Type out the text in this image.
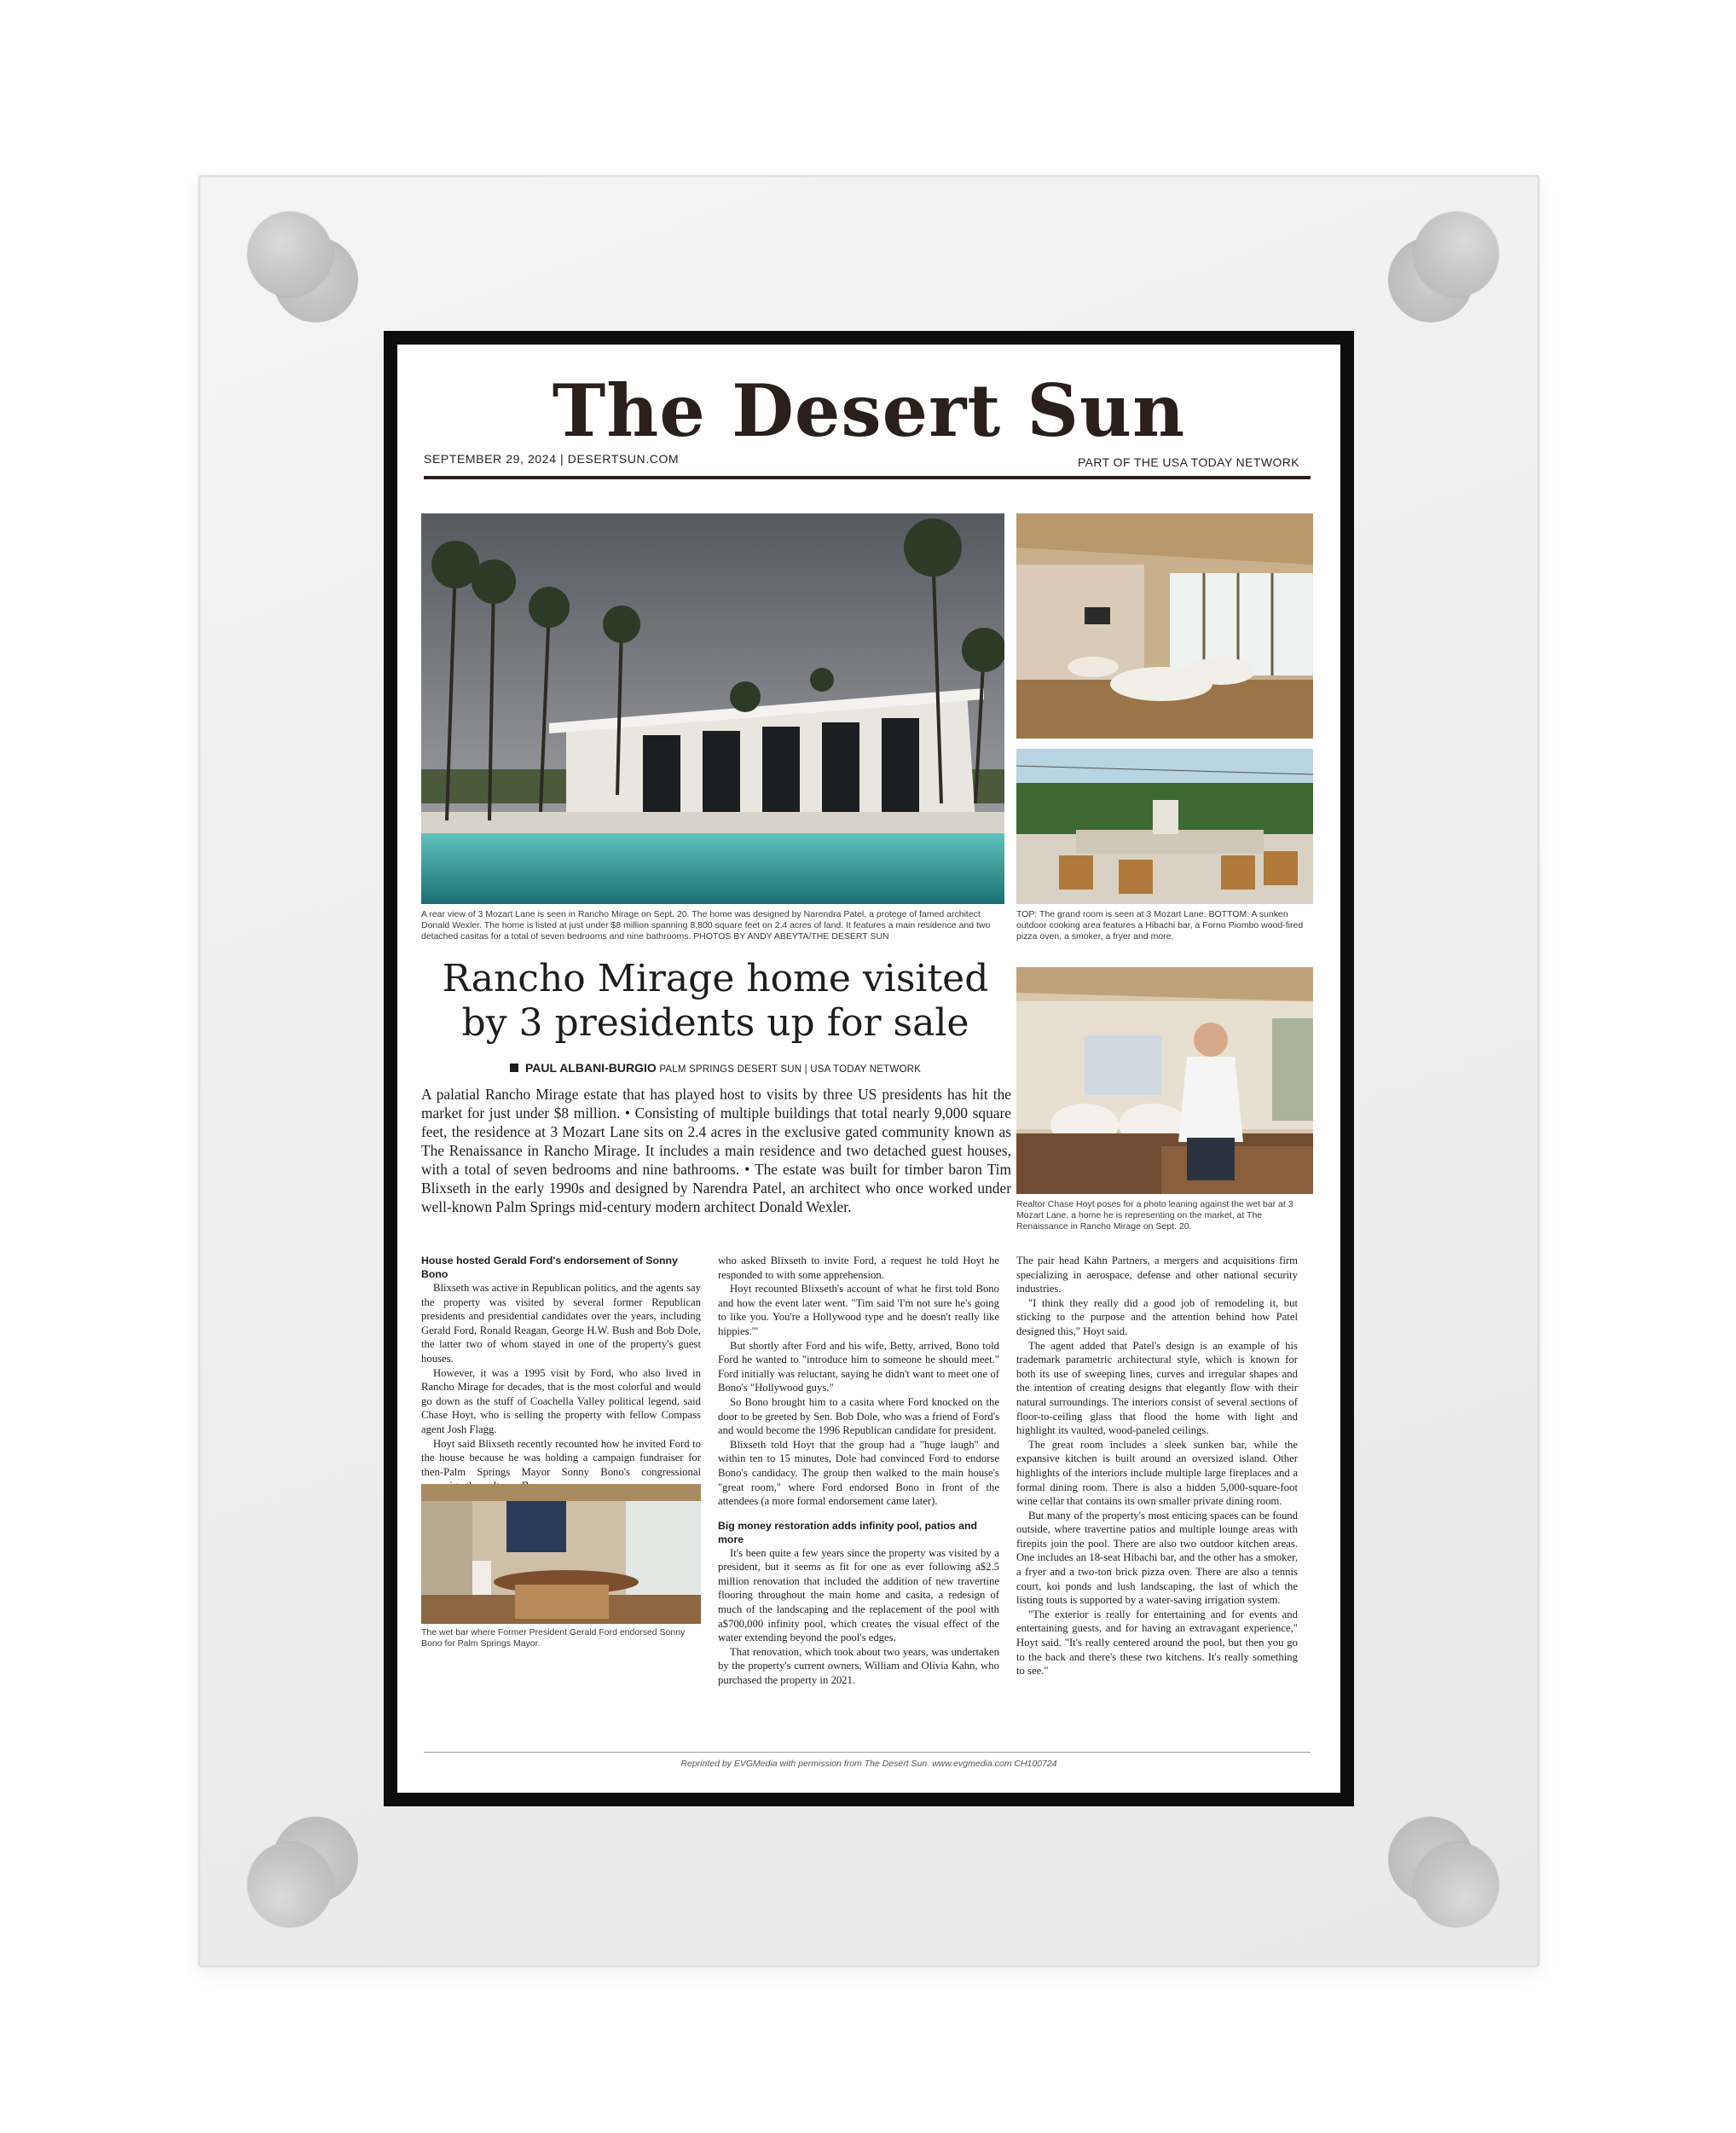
The Desert Sun
SEPTEMBER 29, 2024 | DESERTSUN.COM	PART OF THE USA TODAY NETWORK
A rear view of 3 Mozart Lane is seen in Rancho Mirage on Sept. 20. The home was designed by Narendra Patel, a protege of famed architect Donald Wexler. The home is listed at just under $8 million spanning 8,800 square feet on 2.4 acres of land. It features a main residence and two detached casitas for a total of seven bedrooms and nine bathrooms. PHOTOS BY ANDY ABEYTA/THE DESERT SUN
TOP: The grand room is seen at 3 Mozart Lane. BOTTOM: A sunken outdoor cooking area features a Hibachi bar, a Forno Piombo wood-fired pizza oven, a smoker, a fryer and more.
Rancho Mirage home visited by 3 presidents up for sale
PAUL ALBANI-BURGIO PALM SPRINGS DESERT SUN | USA TODAY NETWORK
A palatial Rancho Mirage estate that has played host to visits by three US presidents has hit the market for just under $8 million. • Consisting of multiple buildings that total nearly 9,000 square feet, the residence at 3 Mozart Lane sits on 2.4 acres in the exclusive gated community known as The Renaissance in Rancho Mirage. It includes a main residence and two detached guest houses, with a total of seven bedrooms and nine bathrooms. • The estate was built for timber baron Tim Blixseth in the early 1990s and designed by Narendra Patel, an architect who once worked under well-known Palm Springs mid-century modern architect Donald Wexler.	Realtor Chase Hoyt poses for a photo leaning against the wet bar at 3 Mozart Lane, a home he is representing on the market, at The Renaissance in Rancho Mirage on Sept. 20.

House hosted Gerald Ford's endorsement of Sonny Bono

Blixseth was active in Republican politics, and the agents say the property was visited by several former Republican presidents and presidential candidates over the years, including Gerald Ford, Ronald Reagan, George H.W. Bush and Bob Dole, the latter two of whom stayed in one of the property's guest houses.

However, it was a 1995 visit by Ford, who also lived in Rancho Mirage for decades, that is the most colorful and would go down as the stuff of Coachella Valley political legend, said Chase Hoyt, who is selling the property with fellow Compass agent Josh Flagg.

Hoyt said Blixseth recently recounted how he invited Ford to the house because he was holding a campaign fundraiser for then-Palm Springs Mayor Sonny Bono's congressional

The wet bar where Former President Gerald Ford endorsed Sonny Bono for Palm Springs Mayor.

who asked Blixseth to invite Ford, a request he told Hoyt he responded to with some apprehension.

Hoyt recounted Blixseth's account of what he first told Bono and how the event later went. "Tim said 'I'm not sure he's going to like you. You're a Hollywood type and he doesn't really like hippies.'"

But shortly after Ford and his wife, Betty, arrived, Bono told Ford he wanted to "introduce him to someone he should meet." Ford initially was reluctant, saying he didn't want to meet one of Bono's "Hollywood guys."

So Bono brought him to a casita where Ford knocked on the door to be greeted by Sen. Bob Dole, who was a friend of Ford's and would become the 1996 Republican candidate for president.

Blixseth told Hoyt that the group had a "huge laugh" and within ten to 15 minutes, Dole had convinced Ford to endorse Bono's candidacy. The group then walked to the main house's "great room," where Ford endorsed Bono in front of the attendees (a more formal endorsement came later).

Big money restoration adds infinity pool, patios and more

It's been quite a few years since the property was visited by a president, but it seems as fit for one as ever following a$2.5 million renovation that included the addition of new travertine flooring throughout the main home and casita, a redesign of much of the landscaping and the replacement of the pool with a$700,000 infinity pool, which creates the visual effect of the water extending beyond the pool's edges.

That renovation, which took about two years, was undertaken by the property's current owners, William and Olivia Kahn, who purchased the property in 2021.

The pair head Kahn Partners, a mergers and acquisitions firm specializing in aerospace, defense and other national security industries.

"I think they really did a good job of remodeling it, but sticking to the purpose and the attention behind how Patel designed this," Hoyt said.

The agent added that Patel's design is an example of his trademark parametric architectural style, which is known for both its use of sweeping lines, curves and irregular shapes and the intention of creating designs that elegantly flow with their natural surroundings. The interiors consist of several sections of floor-to-ceiling glass that flood the home with light and highlight its vaulted, wood-paneled ceilings.

The great room includes a sleek sunken bar, while the expansive kitchen is built around an oversized island. Other highlights of the interiors include multiple large fireplaces and a formal dining room. There is also a hidden 5,000-square-foot wine cellar that contains its own smaller private dining room.

But many of the property's most enticing spaces can be found outside, where travertine patios and multiple lounge areas with firepits join the pool. There are also two outdoor kitchen areas. One includes an 18-seat Hibachi bar, and the other has a smoker, a fryer and a two-ton brick pizza oven. There are also a tennis court, koi ponds and lush landscaping, the last of which the listing touts is supported by a water-saving irrigation system.

"The exterior is really for entertaining and for events and entertaining guests, and for having an extravagant experience," Hoyt said. "It's really centered around the pool, but then you go to the back and there's these two kitchens. It's really something to see."

Reprinted by EVGMedia with permission from The Desert Sun. www.evgmedia.com CH100724
